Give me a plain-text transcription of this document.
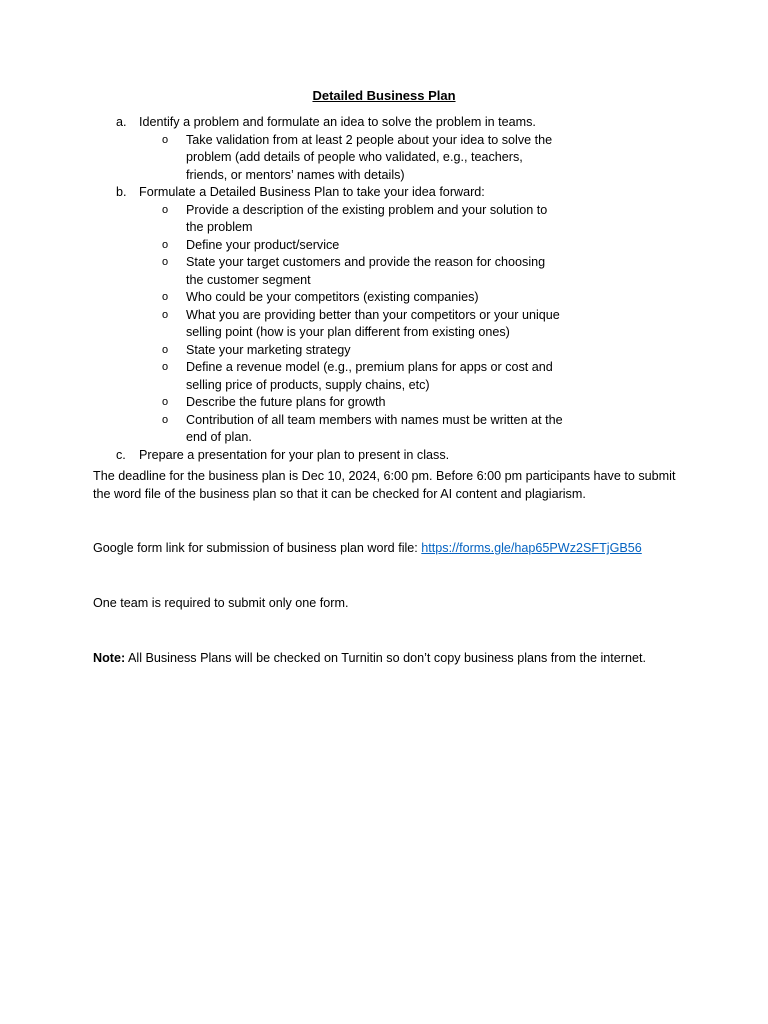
Detailed Business Plan
a. Identify a problem and formulate an idea to solve the problem in teams.
o Take validation from at least 2 people about your idea to solve the problem (add details of people who validated, e.g., teachers, friends, or mentors’ names with details)
b. Formulate a Detailed Business Plan to take your idea forward:
o Provide a description of the existing problem and your solution to the problem
o Define your product/service
o State your target customers and provide the reason for choosing the customer segment
o Who could be your competitors (existing companies)
o What you are providing better than your competitors or your unique selling point (how is your plan different from existing ones)
o State your marketing strategy
o Define a revenue model (e.g., premium plans for apps or cost and selling price of products, supply chains, etc)
o Describe the future plans for growth
o Contribution of all team members with names must be written at the end of plan.
c. Prepare a presentation for your plan to present in class.
The deadline for the business plan is Dec 10, 2024, 6:00 pm. Before 6:00 pm participants have to submit the word file of the business plan so that it can be checked for AI content and plagiarism.
Google form link for submission of business plan word file: https://forms.gle/hap65PWz2SFTjGB56
One team is required to submit only one form.
Note: All Business Plans will be checked on Turnitin so don’t copy business plans from the internet.
